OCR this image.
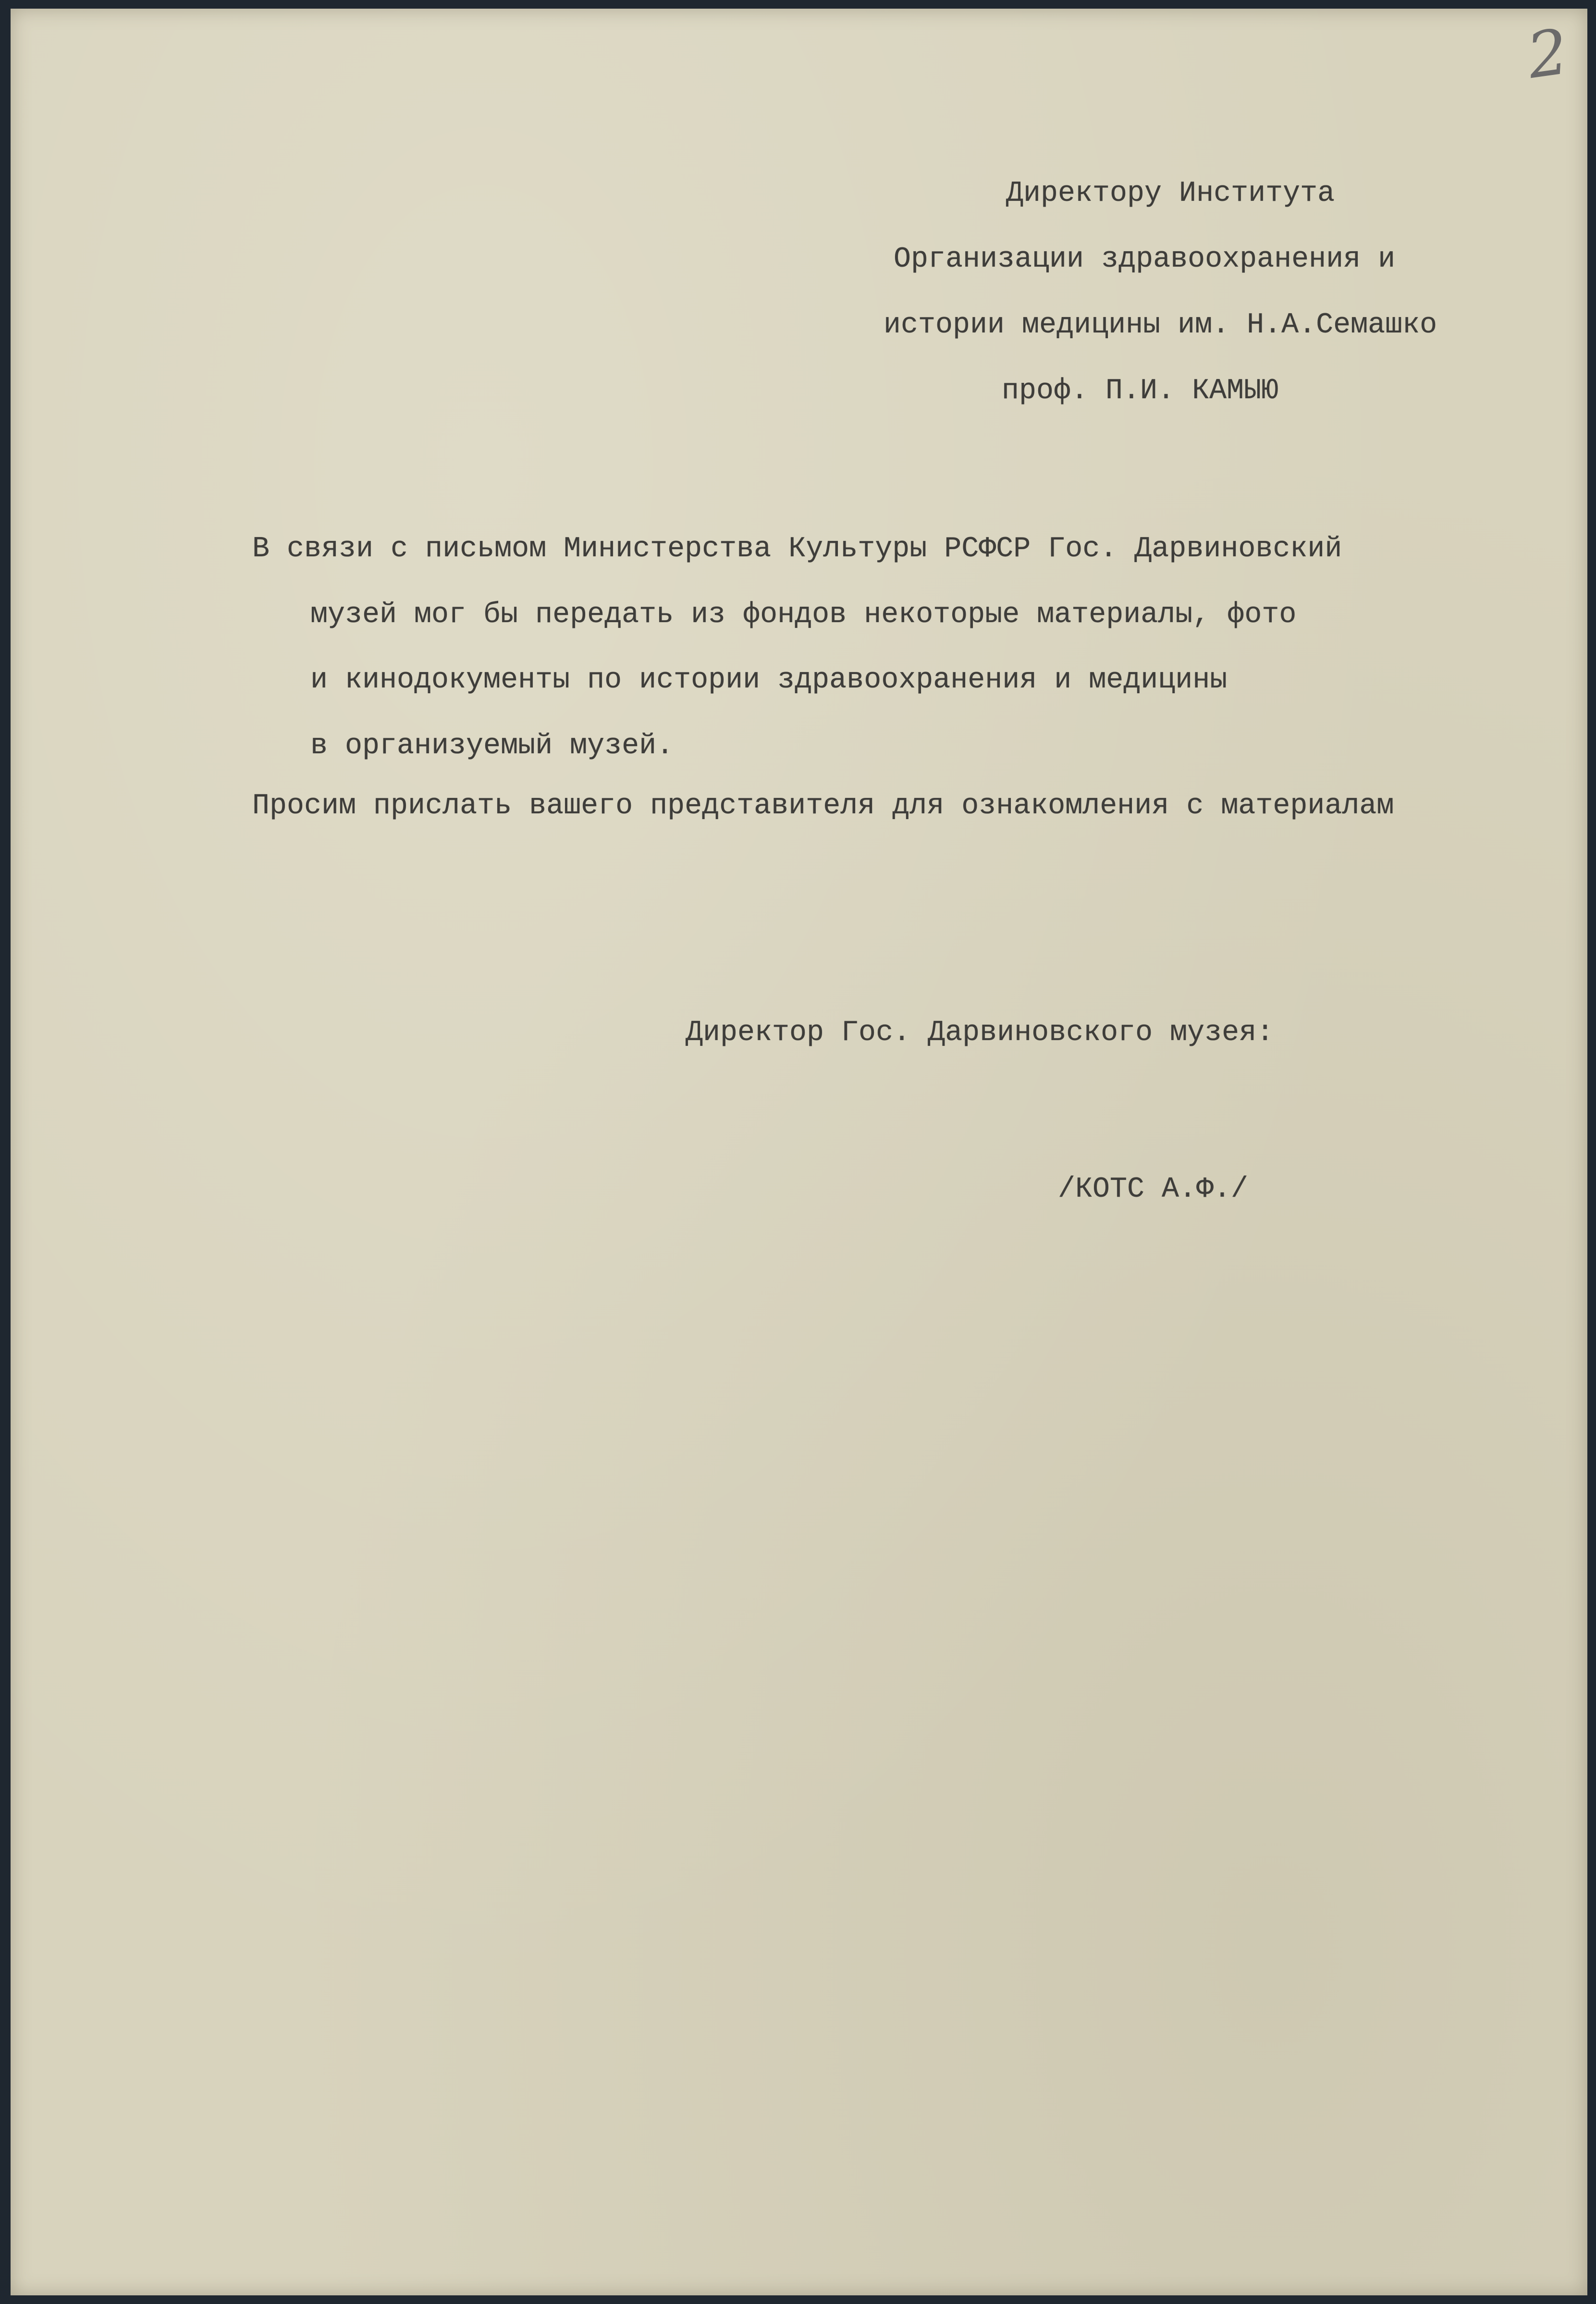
2

Директору Института

Организации здравоохранения и

истории медицины им. Н.А.Семашко

проф. П.И. КАМЫЮ

В связи с письмом Министерства Культуры РСФСР Гос. Дарвиновский

музей мог бы передать из фондов некоторые материалы, фото

и кинодокументы по истории здравоохранения и медицины

в организуемый музей.

Просим прислать вашего представителя для ознакомления с материалам

Директор Гос. Дарвиновского музея:

/КОТС А.Ф./
